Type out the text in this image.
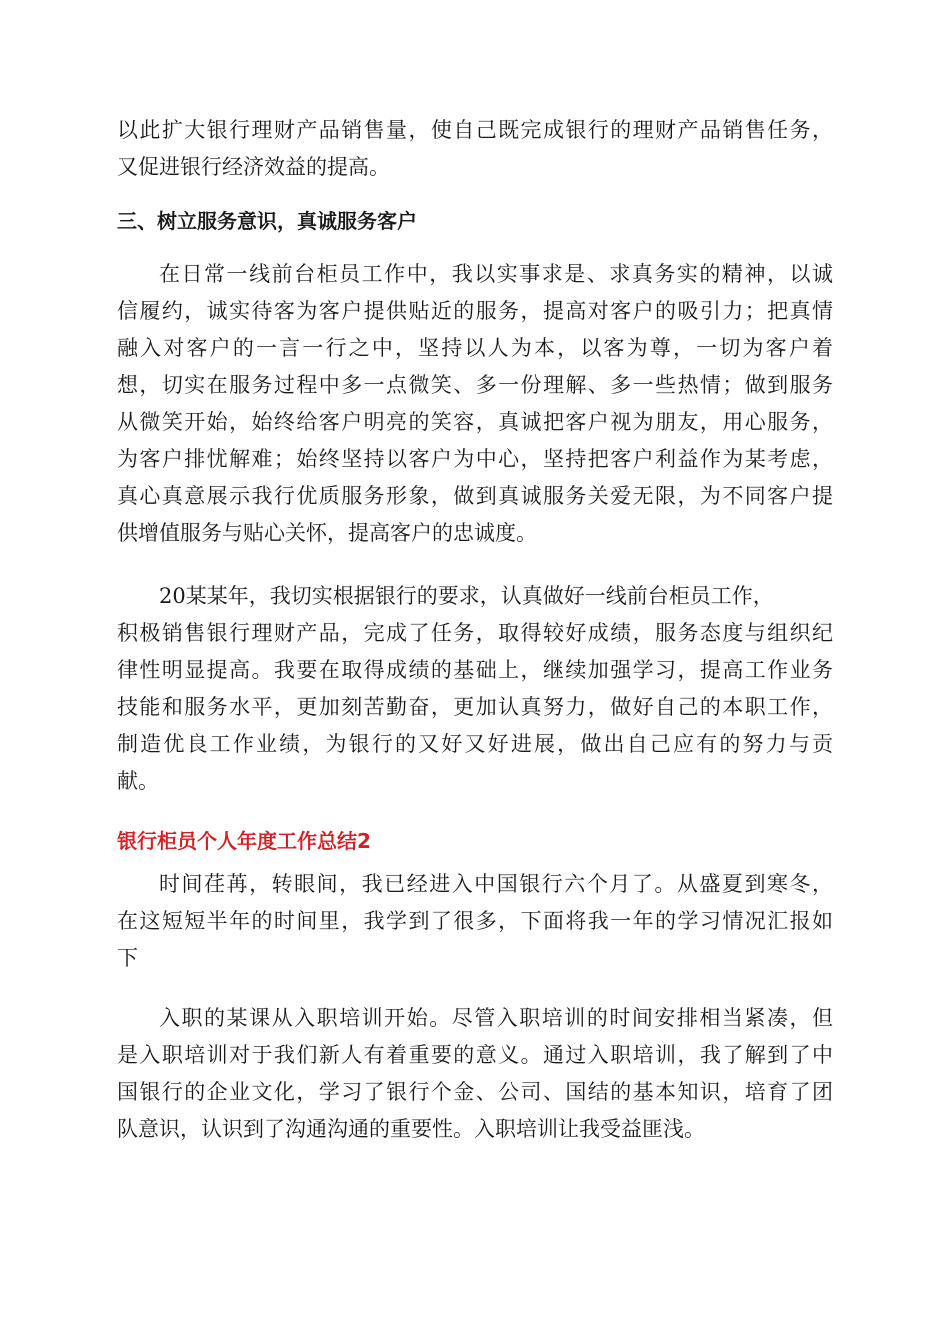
以此扩大银行理财产品销售量，使自己既完成银行的理财产品销售任务，
又促进银行经济效益的提高。
三、树立服务意识，真诚服务客户
在日常一线前台柜员工作中，我以实事求是、求真务实的精神，以诚
信履约，诚实待客为客户提供贴近的服务，提高对客户的吸引力；把真情
融入对客户的一言一行之中，坚持以人为本，以客为尊，一切为客户着
想，切实在服务过程中多一点微笑、多一份理解、多一些热情；做到服务
从微笑开始，始终给客户明亮的笑容，真诚把客户视为朋友，用心服务，
为客户排忧解难；始终坚持以客户为中心，坚持把客户利益作为某考虑，
真心真意展示我行优质服务形象，做到真诚服务关爱无限，为不同客户提
供增值服务与贴心关怀，提高客户的忠诚度。
20某某年，我切实根据银行的要求，认真做好一线前台柜员工作，
积极销售银行理财产品，完成了任务，取得较好成绩，服务态度与组织纪
律性明显提高。我要在取得成绩的基础上，继续加强学习，提高工作业务
技能和服务水平，更加刻苦勤奋，更加认真努力，做好自己的本职工作，
制造优良工作业绩，为银行的又好又好进展，做出自己应有的努力与贡
献。
银行柜员个人年度工作总结2
时间荏苒，转眼间，我已经进入中国银行六个月了。从盛夏到寒冬，
在这短短半年的时间里，我学到了很多，下面将我一年的学习情况汇报如
下
入职的某课从入职培训开始。尽管入职培训的时间安排相当紧凑，但
是入职培训对于我们新人有着重要的意义。通过入职培训，我了解到了中
国银行的企业文化，学习了银行个金、公司、国结的基本知识，培育了团
队意识，认识到了沟通沟通的重要性。入职培训让我受益匪浅。
